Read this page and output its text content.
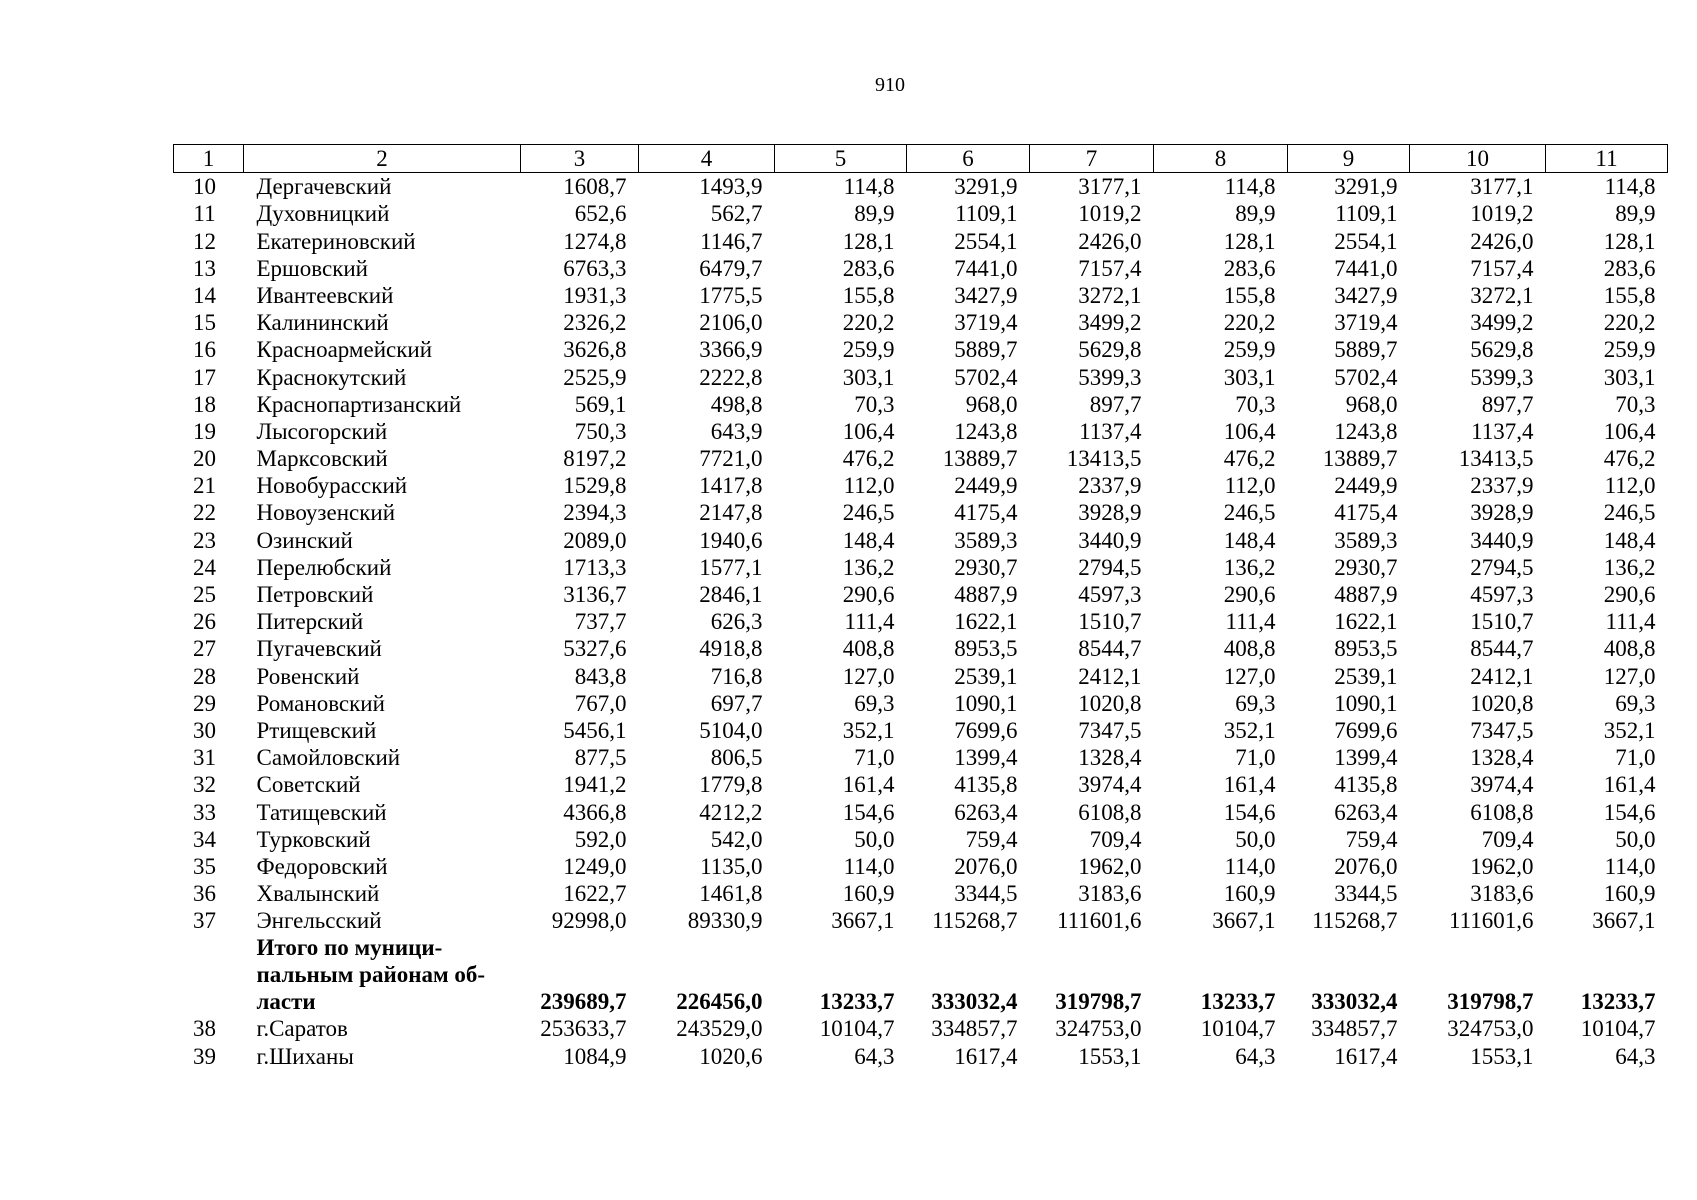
910
1	2	3	4	5	6	7	8	9	10	11
10	Дергачевский	1608,7	1493,9	114,8	3291,9	3177,1	114,8	3291,9	3177,1	114,8
11	Духовницкий	652,6	562,7	89,9	1109,1	1019,2	89,9	1109,1	1019,2	89,9
12	Екатериновский	1274,8	1146,7	128,1	2554,1	2426,0	128,1	2554,1	2426,0	128,1
13	Ершовский	6763,3	6479,7	283,6	7441,0	7157,4	283,6	7441,0	7157,4	283,6
14	Ивантеевский	1931,3	1775,5	155,8	3427,9	3272,1	155,8	3427,9	3272,1	155,8
15	Калининский	2326,2	2106,0	220,2	3719,4	3499,2	220,2	3719,4	3499,2	220,2
16	Красноармейский	3626,8	3366,9	259,9	5889,7	5629,8	259,9	5889,7	5629,8	259,9
17	Краснокутский	2525,9	2222,8	303,1	5702,4	5399,3	303,1	5702,4	5399,3	303,1
18	Краснопартизанский	569,1	498,8	70,3	968,0	897,7	70,3	968,0	897,7	70,3
19	Лысогорский	750,3	643,9	106,4	1243,8	1137,4	106,4	1243,8	1137,4	106,4
20	Марксовский	8197,2	7721,0	476,2	13889,7	13413,5	476,2	13889,7	13413,5	476,2
21	Новобурасский	1529,8	1417,8	112,0	2449,9	2337,9	112,0	2449,9	2337,9	112,0
22	Новоузенский	2394,3	2147,8	246,5	4175,4	3928,9	246,5	4175,4	3928,9	246,5
23	Озинский	2089,0	1940,6	148,4	3589,3	3440,9	148,4	3589,3	3440,9	148,4
24	Перелюбский	1713,3	1577,1	136,2	2930,7	2794,5	136,2	2930,7	2794,5	136,2
25	Петровский	3136,7	2846,1	290,6	4887,9	4597,3	290,6	4887,9	4597,3	290,6
26	Питерский	737,7	626,3	111,4	1622,1	1510,7	111,4	1622,1	1510,7	111,4
27	Пугачевский	5327,6	4918,8	408,8	8953,5	8544,7	408,8	8953,5	8544,7	408,8
28	Ровенский	843,8	716,8	127,0	2539,1	2412,1	127,0	2539,1	2412,1	127,0
29	Романовский	767,0	697,7	69,3	1090,1	1020,8	69,3	1090,1	1020,8	69,3
30	Ртищевский	5456,1	5104,0	352,1	7699,6	7347,5	352,1	7699,6	7347,5	352,1
31	Самойловский	877,5	806,5	71,0	1399,4	1328,4	71,0	1399,4	1328,4	71,0
32	Советский	1941,2	1779,8	161,4	4135,8	3974,4	161,4	4135,8	3974,4	161,4
33	Татищевский	4366,8	4212,2	154,6	6263,4	6108,8	154,6	6263,4	6108,8	154,6
34	Турковский	592,0	542,0	50,0	759,4	709,4	50,0	759,4	709,4	50,0
35	Федоровский	1249,0	1135,0	114,0	2076,0	1962,0	114,0	2076,0	1962,0	114,0
36	Хвалынский	1622,7	1461,8	160,9	3344,5	3183,6	160,9	3344,5	3183,6	160,9
37	Энгельсский	92998,0	89330,9	3667,1	115268,7	111601,6	3667,1	115268,7	111601,6	3667,1

	Итого по муници-
пальным районам об-
ласти	239689,7	226456,0	13233,7	333032,4	319798,7	13233,7	333032,4	319798,7	13233,7
38	г.Саратов	253633,7	243529,0	10104,7	334857,7	324753,0	10104,7	334857,7	324753,0	10104,7
39	г.Шиханы	1084,9	1020,6	64,3	1617,4	1553,1	64,3	1617,4	1553,1	64,3
